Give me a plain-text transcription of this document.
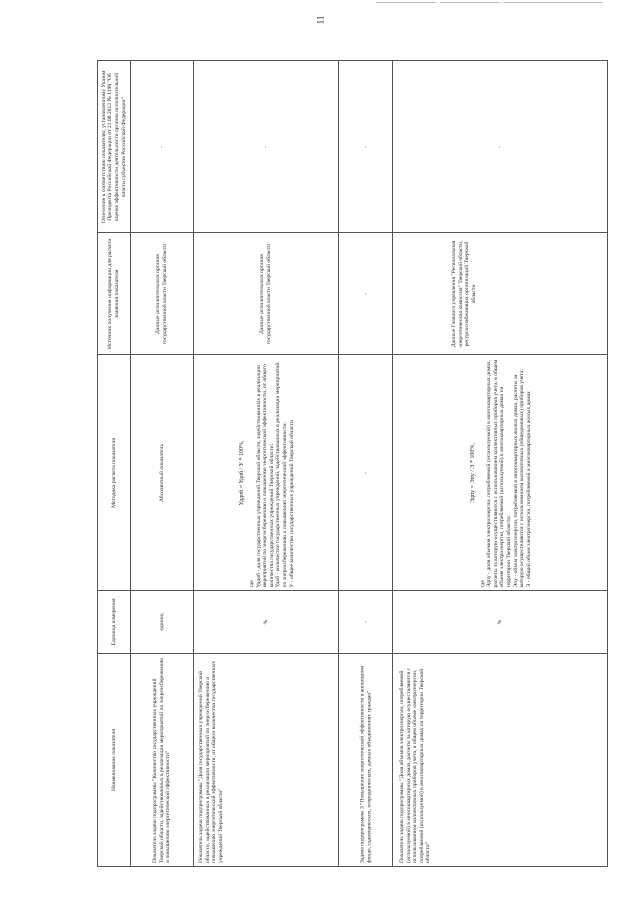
11

Отнесение к соответствию показателю, установленному Указом Президента Российской Федерации от 21.08.2012 № 1199 "Об оценке эффективности деятельности органов исполнительной власти субъектов Российской Федерации"

Источник получения информации для расчета значения показателя

Методика расчета показателя

Единица измерения

Наименование показателя

-

Данные исполнительных органов государственной власти Тверской области

Абсолютный показатель

единиц

Показатель задачи подпрограммы "Количество государственных учреждений Тверской области, задействованных в реализации мероприятий по энергосбережению и повышению энергетической эффективности"

-

Данные исполнительных органов государственной власти Тверской области

Уддоб = Удоб / У * 100%,

где Уддоб - доля государственных учреждений Тверской области, задействованных в реализации мероприятий по энергосбережению и повышению энергетической эффективности, от общего количества государственных учреждений Тверской области; Удоб - количество государственных учреждений, задействованных в реализации мероприятий по энергосбережению и повышению энергетической эффективности; У - общее количество государственных учреждений Тверской области

%

Показатель задачи подпрограммы "Доля государственных учреждений Тверской области, задействованных в реализации мероприятий по энергосбережению и повышению энергетической эффективности, от общего количества государственных учреждений Тверской области"

-

-

-

-

Задача подпрограммы 3 "Повышение энергетической эффективности в жилищном фонде, садоводческих, огороднических, дачных объединениях граждан"

-

Данные Главного управления "Региональная энергетическая комиссия" Тверской области, ресурсоснабжающих организаций Тверской области

Эдпу = Эпу / Э * 100%,

где Эдпу - доля объемов электроэнергии, потребляемой (используемой) в многоквартирных домах, расчеты за которую осуществляются с использованием коллективных приборов учета, в общем объеме электроэнергии, потребляемой (используемой) в многоквартирных домах на территории Тверской области; Эпу - объем электроэнергии, потребляемой в многоквартирных жилых домах, расчеты за которую осуществляются с использованием коллективных (общедомовых) приборов учета; Э - общий объем электроэнергии, потребляемой в многоквартирных жилых домах

%

Показатель задачи подпрограммы "Доля объемов электроэнергии, потребляемой (используемой) в многоквартирных домах, расчеты за которую осуществляются с использованием коллективных приборов учета, в общем объеме электроэнергии, потребляемой (используемой) в многоквартирных домах на территории Тверской области"
